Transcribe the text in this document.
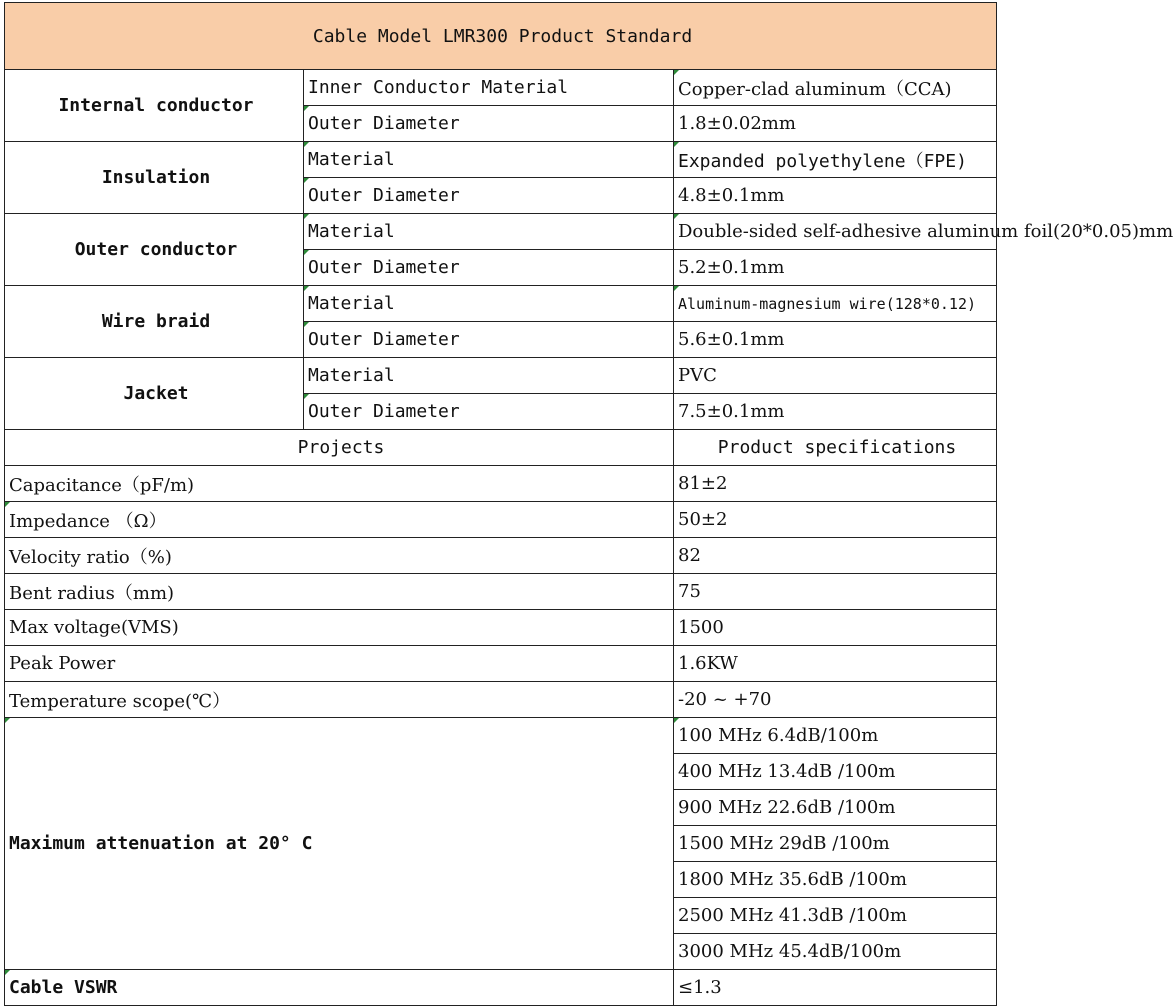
Cable Model LMR300 Product Standard		
Internal conductor	Inner Conductor Material	Copper-clad aluminum（CCA)
	Outer Diameter	1.8±0.02mm
Insulation	Material	Expanded polyethylene（FPE)
	Outer Diameter	4.8±0.1mm
Outer conductor	Material	Double-sided self-adhesive aluminum foil(20*0.05)mm
	Outer Diameter	5.2±0.1mm
Wire braid	Material	Aluminum-magnesium wire(128*0.12)
	Outer Diameter	5.6±0.1mm
Jacket	Material	PVC
	Outer Diameter	7.5±0.1mm
Projects		Product specifications
Capacitance（pF/m)		81±2
Impedance （Ω）		50±2
Velocity ratio（%)		82
Bent radius（mm)		75
Max voltage(VMS)		1500
Peak Power		1.6KW
Temperature scope(℃）		-20 ~ +70
Maximum attenuation at 20° C		100 MHz 6.4dB/100m
		400 MHz 13.4dB /100m
		900 MHz 22.6dB /100m
		1500 MHz 29dB /100m
		1800 MHz 35.6dB /100m
		2500 MHz 41.3dB /100m
		3000 MHz 45.4dB/100m
Cable VSWR		≤1.3
